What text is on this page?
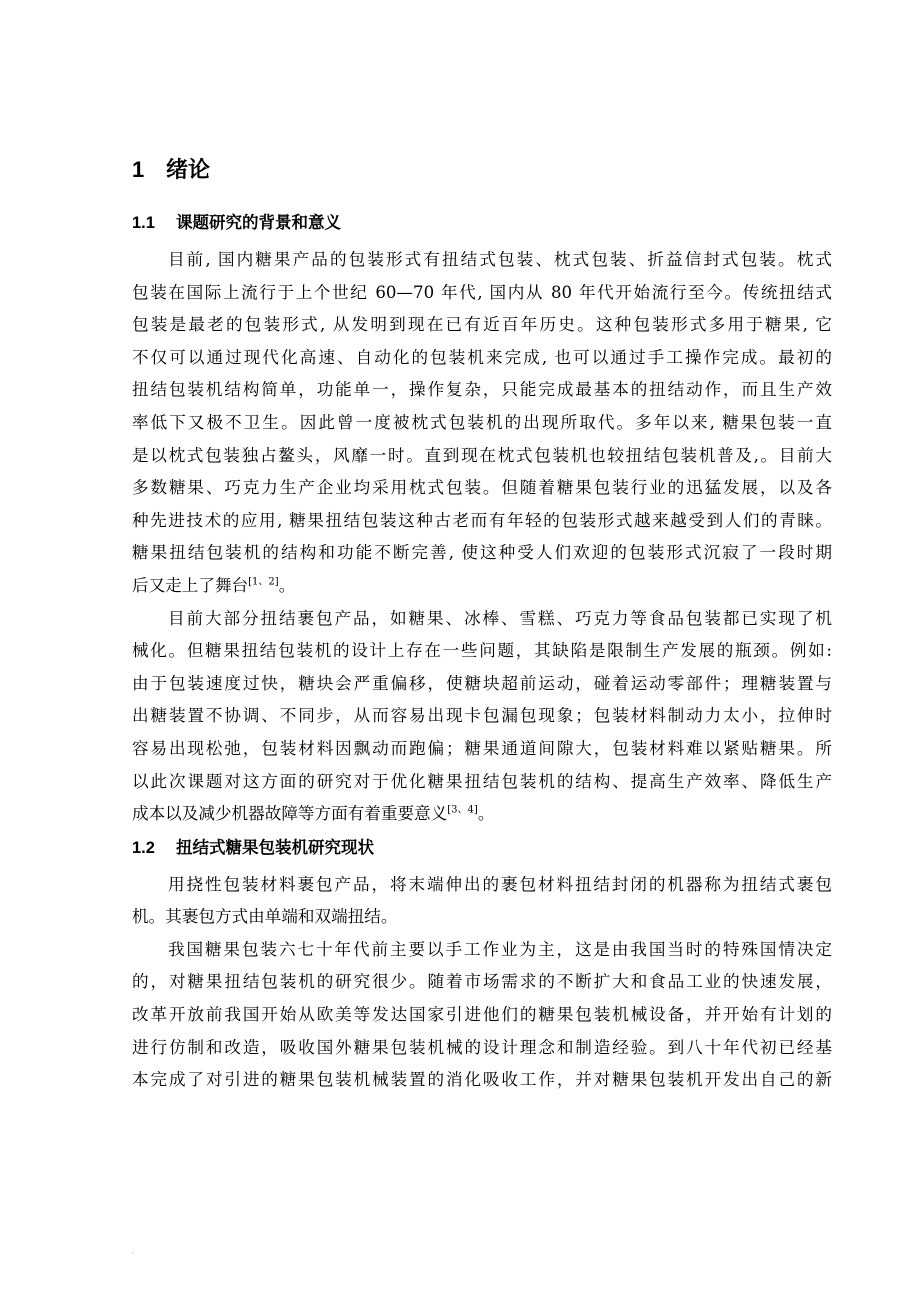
1 绪论
1.1 课题研究的背景和意义

目前, 国内糖果产品的包装形式有扭结式包装、枕式包装、折益信封式包装。枕式
包装在国际上流行于上个世纪 60—70 年代, 国内从 80 年代开始流行至今。传统扭结式
包装是最老的包装形式, 从发明到现在已有近百年历史。这种包装形式多用于糖果, 它
不仅可以通过现代化高速、自动化的包装机来完成, 也可以通过手工操作完成。最初的
扭结包装机结构简单，功能单一，操作复杂，只能完成最基本的扭结动作，而且生产效
率低下又极不卫生。因此曾一度被枕式包装机的出现所取代。多年以来, 糖果包装一直
是以枕式包装独占鳌头，风靡一时。直到现在枕式包装机也较扭结包装机普及,。目前大
多数糖果、巧克力生产企业均采用枕式包装。但随着糖果包装行业的迅猛发展，以及各
种先进技术的应用, 糖果扭结包装这种古老而有年轻的包装形式越来越受到人们的青睐。
糖果扭结包装机的结构和功能不断完善, 使这种受人们欢迎的包装形式沉寂了一段时期
后又走上了舞台[1、2]。

目前大部分扭结裹包产品，如糖果、冰棒、雪糕、巧克力等食品包装都已实现了机
械化。但糖果扭结包装机的设计上存在一些问题，其缺陷是限制生产发展的瓶颈。例如:
由于包装速度过快，糖块会严重偏移，使糖块超前运动，碰着运动零部件；理糖装置与
出糖装置不协调、不同步，从而容易出现卡包漏包现象；包装材料制动力太小，拉伸时
容易出现松弛，包装材料因飘动而跑偏；糖果通道间隙大，包装材料难以紧贴糖果。所
以此次课题对这方面的研究对于优化糖果扭结包装机的结构、提高生产效率、降低生产
成本以及减少机器故障等方面有着重要意义[3、4]。

1.2 扭结式糖果包装机研究现状

用挠性包装材料裹包产品，将末端伸出的裹包材料扭结封闭的机器称为扭结式裹包
机。其裹包方式由单端和双端扭结。

我国糖果包装六七十年代前主要以手工作业为主，这是由我国当时的特殊国情决定
的，对糖果扭结包装机的研究很少。随着市场需求的不断扩大和食品工业的快速发展，
改革开放前我国开始从欧美等发达国家引进他们的糖果包装机械设备，并开始有计划的
进行仿制和改造，吸收国外糖果包装机械的设计理念和制造经验。到八十年代初已经基
本完成了对引进的糖果包装机械装置的消化吸收工作，并对糖果包装机开发出自己的新
